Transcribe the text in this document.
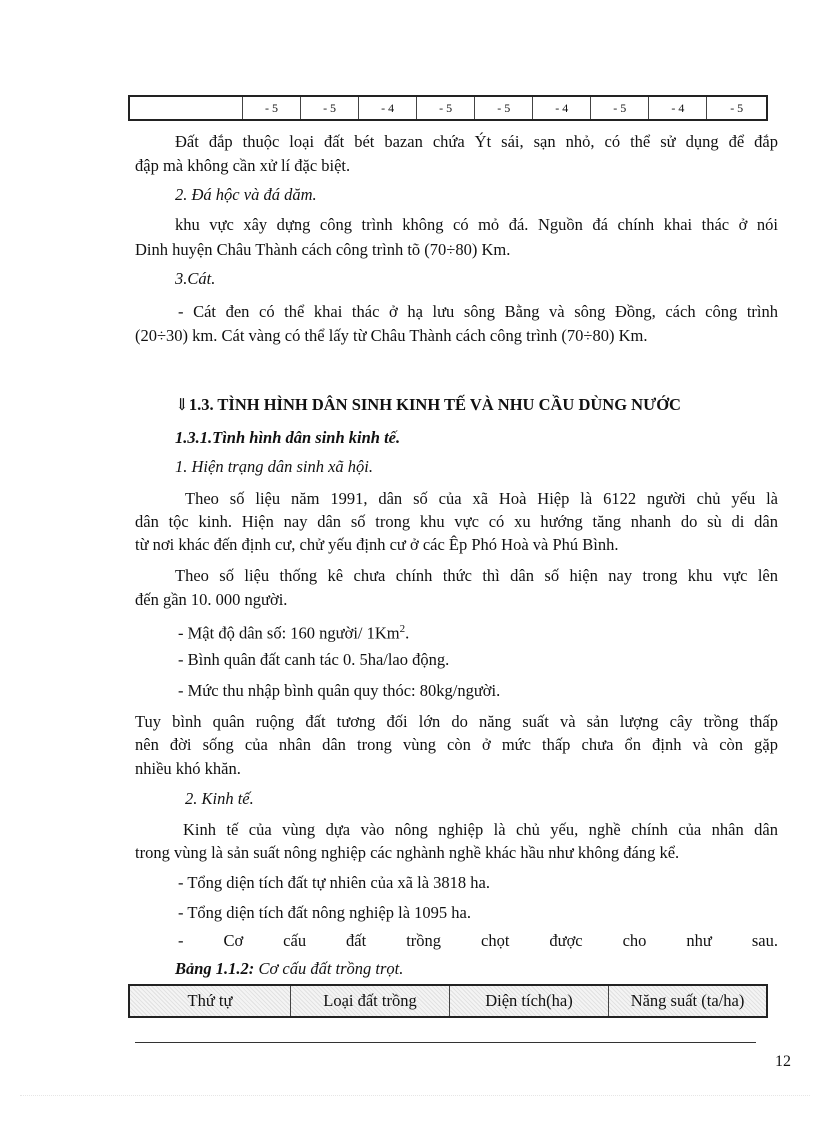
	- 5	- 5	- 4	- 5	- 5	- 4	- 5	- 4	- 5

Đất đắp thuộc loại đất bét bazan chứa Ýt sái, sạn nhỏ, có thể sử dụng để đắp

đập mà không cần xử lí đặc biệt.

2. Đá hộc và đá dăm.

khu vực xây dựng công trình không có mỏ đá. Nguồn đá chính khai thác ở nói

Dinh huyện Châu Thành cách công trình tõ (70÷80) Km.

3.Cát.

- Cát đen có thể khai thác ở hạ lưu sông Bằng và sông Đồng, cách công trình

(20÷30) km. Cát vàng có thể lấy từ Châu Thành cách công trình (70÷80) Km.

⇓1.3. TÌNH HÌNH DÂN SINH KINH TẾ VÀ NHU CẦU DÙNG NƯỚC

1.3.1.Tình hình dân sinh kinh tế.

1. Hiện trạng dân sinh xã hội.

Theo số liệu năm 1991, dân số của xã Hoà Hiệp là 6122 người chủ yếu là

dân tộc kinh. Hiện nay dân số trong khu vực có xu hướng tăng nhanh do sù di dân

từ nơi khác đến định cư, chử yếu định cư ở các Êp Phó Hoà và Phú Bình.

Theo số liệu thống kê chưa chính thức thì dân số hiện nay trong khu vực lên

đến gần 10. 000 người.

- Mật độ dân số: 160 người/ 1Km$^2$.

- Bình quân đất canh tác 0. 5ha/lao động.

- Mức thu nhập bình quân quy thóc: 80kg/người.

Tuy bình quân ruộng đất tương đối lớn do năng suất và sản lượng cây trồng thấp

nên đời sống của nhân dân trong vùng còn ở mức thấp chưa ổn định và còn gặp

nhiều khó khăn.

2. Kinh tế.

Kinh tế của vùng dựa vào nông nghiệp là chủ yếu, nghề chính của nhân dân

trong vùng là sản suất nông nghiệp các nghành nghề khác hầu như không đáng kể.

- Tổng diện tích đất tự nhiên của xã là 3818 ha.

- Tổng diện tích đất nông nghiệp là 1095 ha.

- Cơ cấu đất trồng chọt được cho như sau.

Bảng 1.1.2: Cơ cấu đất trồng trọt.

Thứ tự	Loại đất trồng	Diện tích(ha)	Năng suất (ta/ha)
12
